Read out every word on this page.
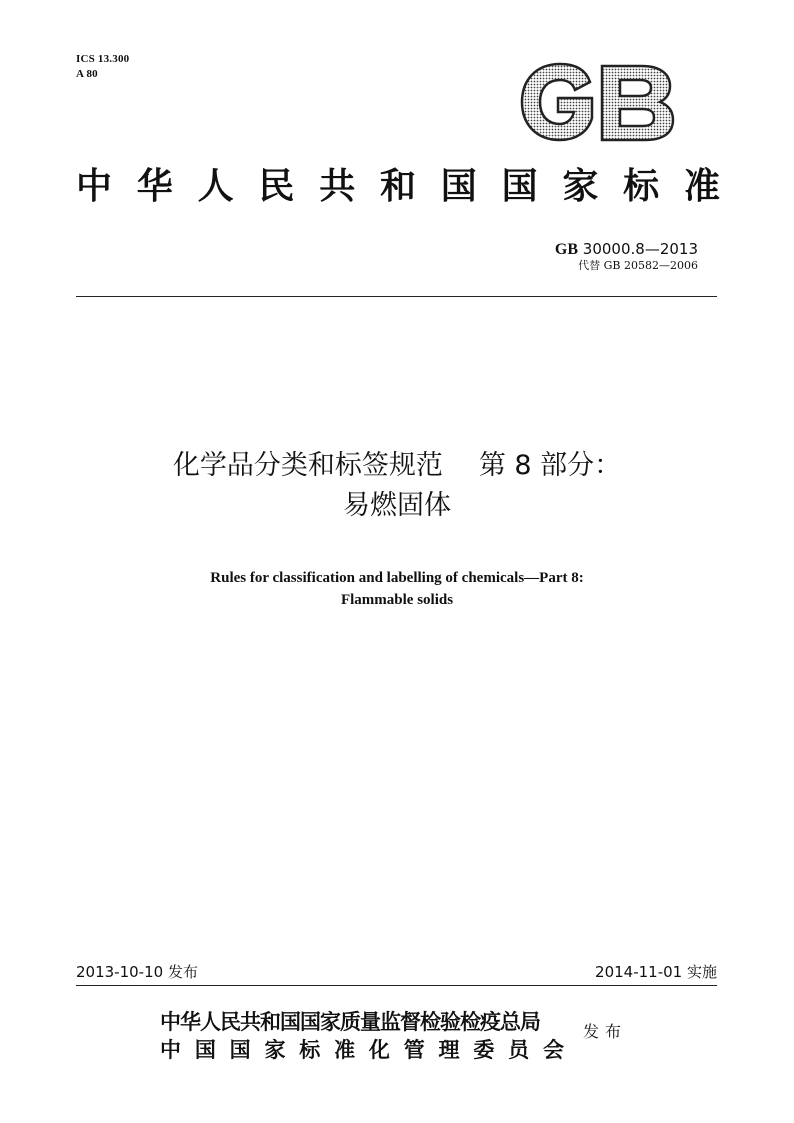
ICS 13.300
A 80
中华人民共和国国家标准
GB 30000.8—2013
代替 GB 20582—2006
化学品分类和标签规范 第 8 部分：
易燃固体
Rules for classification and labelling of chemicals—Part 8:
Flammable solids
2013-10-10 发布	2014-11-01 实施
中华人民共和国国家质量监督检验检疫总局
中国国家标准化管理委员会
发布
